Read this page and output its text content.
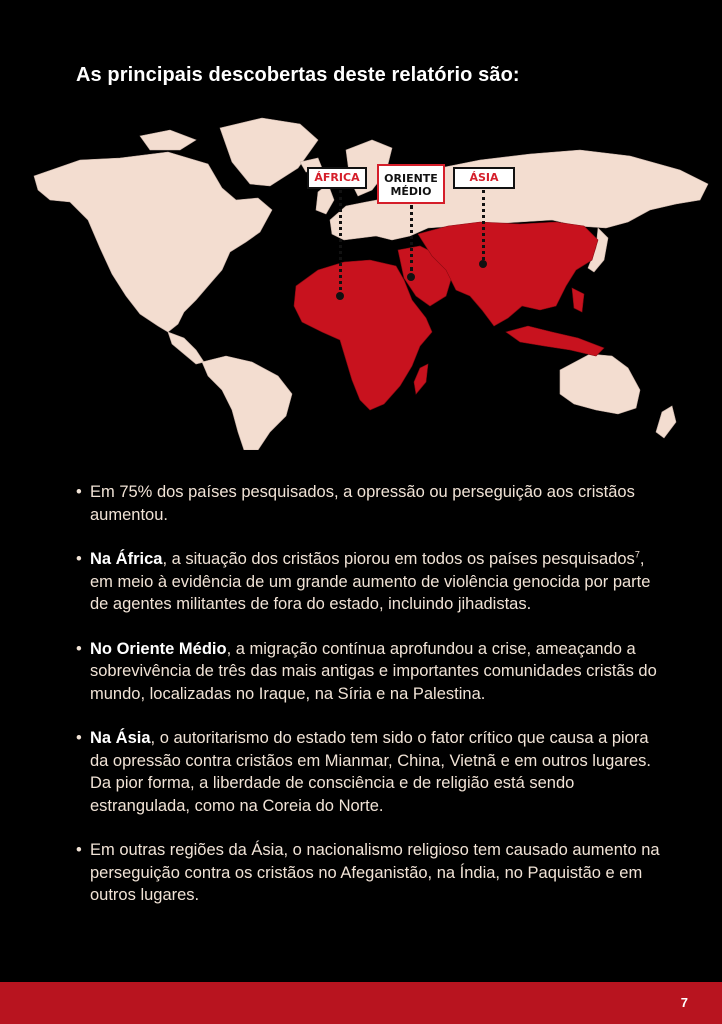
As principais descobertas deste relatório são:
ÁFRICA	ORIENTE
MÉDIO
ÁSIA
• Em 75% dos países pesquisados, a opressão ou perseguição aos cristãos aumentou.
• Na África, a situação dos cristãos piorou em todos os países pesquisados$^7$, em meio à evidência de um grande aumento de violência genocida por parte de agentes militantes de fora do estado, incluindo jihadistas.
• No Oriente Médio, a migração contínua aprofundou a crise, ameaçando a sobrevivência de três das mais antigas e importantes comunidades cristãs do mundo, localizadas no Iraque, na Síria e na Palestina.
• Na Ásia, o autoritarismo do estado tem sido o fator crítico que causa a piora da opressão contra cristãos em Mianmar, China, Vietnã e em outros lugares. Da pior forma, a liberdade de consciência e de religião está sendo estrangulada, como na Coreia do Norte.
• Em outras regiões da Ásia, o nacionalismo religioso tem causado aumento na perseguição contra os cristãos no Afeganistão, na Índia, no Paquistão e em outros lugares.
7
